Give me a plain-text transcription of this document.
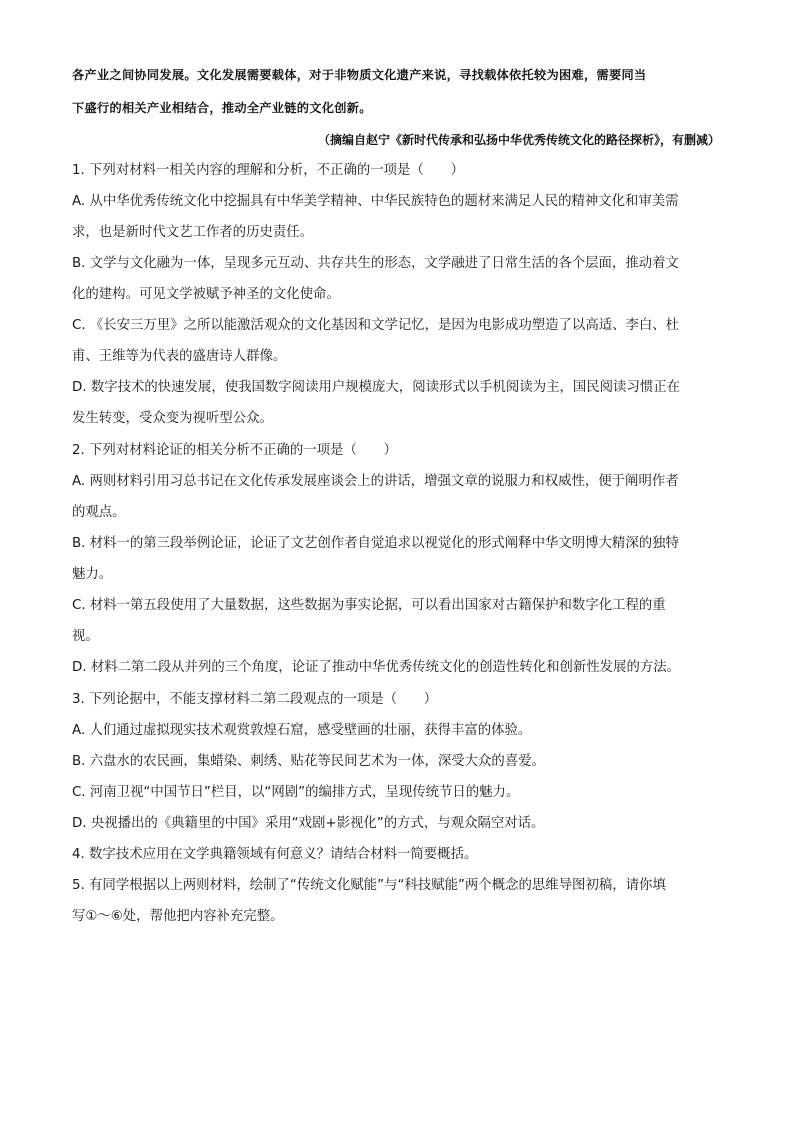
各产业之间协同发展。文化发展需要载体，对于非物质文化遗产来说，寻找载体依托较为困难，需要同当
下盛行的相关产业相结合，推动全产业链的文化创新。
（摘编自赵宁《新时代传承和弘扬中华优秀传统文化的路径探析》，有删减）
1. 下列对材料一相关内容的理解和分析，不正确的一项是（　　）
A. 从中华优秀传统文化中挖掘具有中华美学精神、中华民族特色的题材来满足人民的精神文化和审美需
求，也是新时代文艺工作者的历史责任。
B. 文学与文化融为一体，呈现多元互动、共存共生的形态，文学融进了日常生活的各个层面，推动着文
化的建构。可见文学被赋予神圣的文化使命。
C. 《长安三万里》之所以能激活观众的文化基因和文学记忆，是因为电影成功塑造了以高适、李白、杜
甫、王维等为代表的盛唐诗人群像。
D. 数字技术的快速发展，使我国数字阅读用户规模庞大，阅读形式以手机阅读为主，国民阅读习惯正在
发生转变，受众变为视听型公众。
2. 下列对材料论证的相关分析不正确的一项是（　　）
A. 两则材料引用习总书记在文化传承发展座谈会上的讲话，增强文章的说服力和权威性，便于阐明作者
的观点。
B. 材料一的第三段举例论证，论证了文艺创作者自觉追求以视觉化的形式阐释中华文明博大精深的独特
魅力。
C. 材料一第五段使用了大量数据，这些数据为事实论据，可以看出国家对古籍保护和数字化工程的重
视。
D. 材料二第二段从并列的三个角度，论证了推动中华优秀传统文化的创造性转化和创新性发展的方法。
3. 下列论据中，不能支撑材料二第二段观点的一项是（　　）
A. 人们通过虚拟现实技术观赏敦煌石窟，感受壁画的壮丽，获得丰富的体验。
B. 六盘水的农民画，集蜡染、刺绣、贴花等民间艺术为一体，深受大众的喜爱。
C. 河南卫视“中国节日”栏目，以“网剧”的编排方式，呈现传统节日的魅力。
D. 央视播出的《典籍里的中国》采用“戏剧+影视化”的方式，与观众隔空对话。
4. 数字技术应用在文学典籍领域有何意义？请结合材料一简要概括。
5. 有同学根据以上两则材料，绘制了“传统文化赋能”与“科技赋能”两个概念的思维导图初稿，请你填
写①～⑥处，帮他把内容补充完整。
